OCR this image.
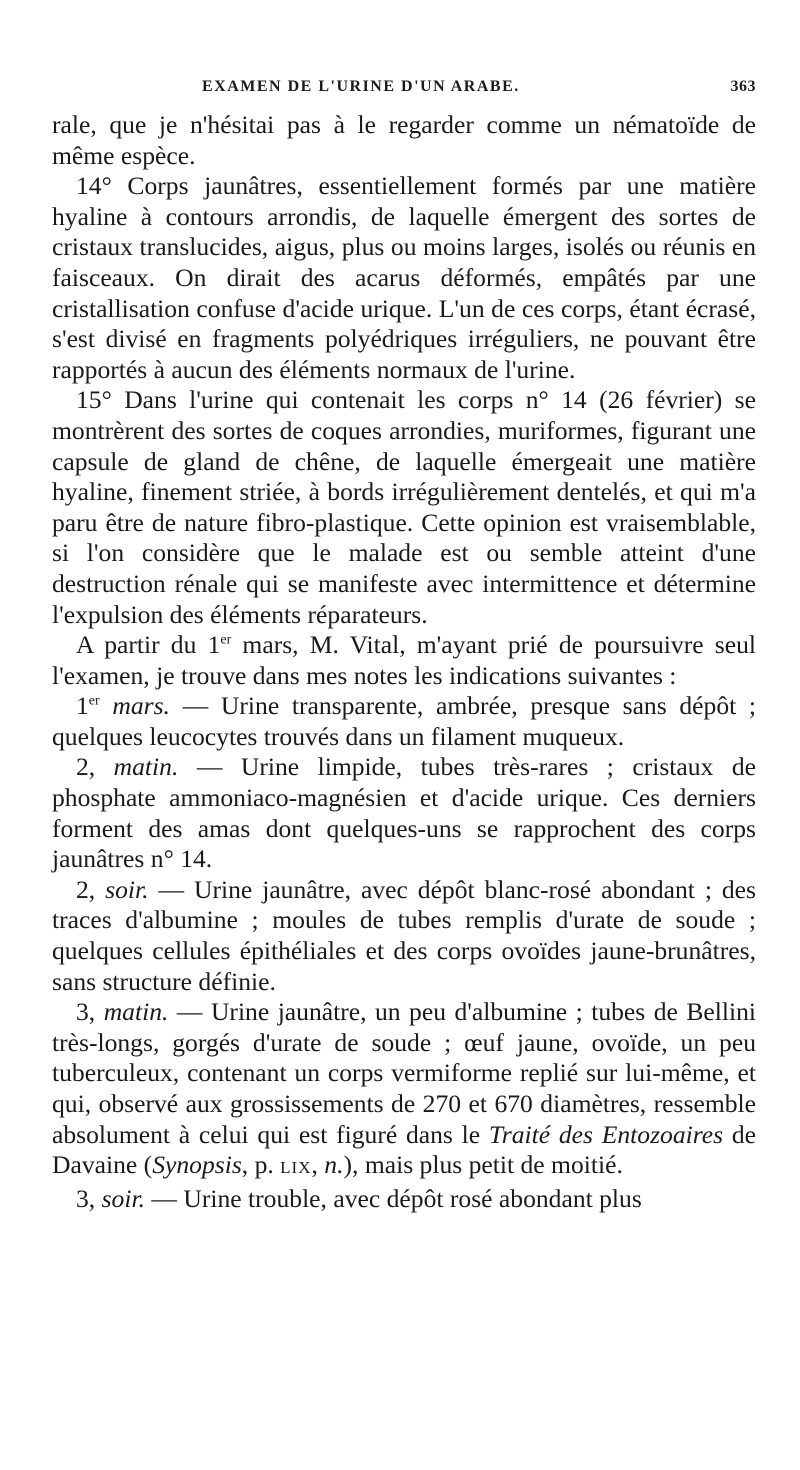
EXAMEN DE L'URINE D'UN ARABE.	363

rale, que je n'hésitai pas à le regarder comme un nématoïde de même espèce.

14° Corps jaunâtres, essentiellement formés par une matière hyaline à contours arrondis, de laquelle émergent des sortes de cristaux translucides, aigus, plus ou moins larges, isolés ou réunis en faisceaux. On dirait des acarus déformés, empâtés par une cristallisation confuse d'acide urique. L'un de ces corps, étant écrasé, s'est divisé en fragments polyédriques irréguliers, ne pouvant être rapportés à aucun des éléments normaux de l'urine.

15° Dans l'urine qui contenait les corps n° 14 (26 février) se montrèrent des sortes de coques arrondies, muriformes, figurant une capsule de gland de chêne, de laquelle émergeait une matière hyaline, finement striée, à bords irrégulièrement dentelés, et qui m'a paru être de nature fibro-plastique. Cette opinion est vraisemblable, si l'on considère que le malade est ou semble atteint d'une destruction rénale qui se manifeste avec intermittence et détermine l'expulsion des éléments réparateurs.

A partir du 1er mars, M. Vital, m'ayant prié de poursuivre seul l'examen, je trouve dans mes notes les indications suivantes :

1er mars. — Urine transparente, ambrée, presque sans dépôt ; quelques leucocytes trouvés dans un filament muqueux.

2, matin. — Urine limpide, tubes très-rares ; cristaux de phosphate ammoniaco-magnésien et d'acide urique. Ces derniers forment des amas dont quelques-uns se rapprochent des corps jaunâtres n° 14.

2, soir. — Urine jaunâtre, avec dépôt blanc-rosé abondant ; des traces d'albumine ; moules de tubes remplis d'urate de soude ; quelques cellules épithéliales et des corps ovoïdes jaune-brunâtres, sans structure définie.

3, matin. — Urine jaunâtre, un peu d'albumine ; tubes de Bellini très-longs, gorgés d'urate de soude ; œuf jaune, ovoïde, un peu tuberculeux, contenant un corps vermiforme replié sur lui-même, et qui, observé aux grossissements de 270 et 670 diamètres, ressemble absolument à celui qui est figuré dans le Traité des Entozoaires de Davaine (Synopsis, p. LIX, n.), mais plus petit de moitié.

3, soir. — Urine trouble, avec dépôt rosé abondant plus
